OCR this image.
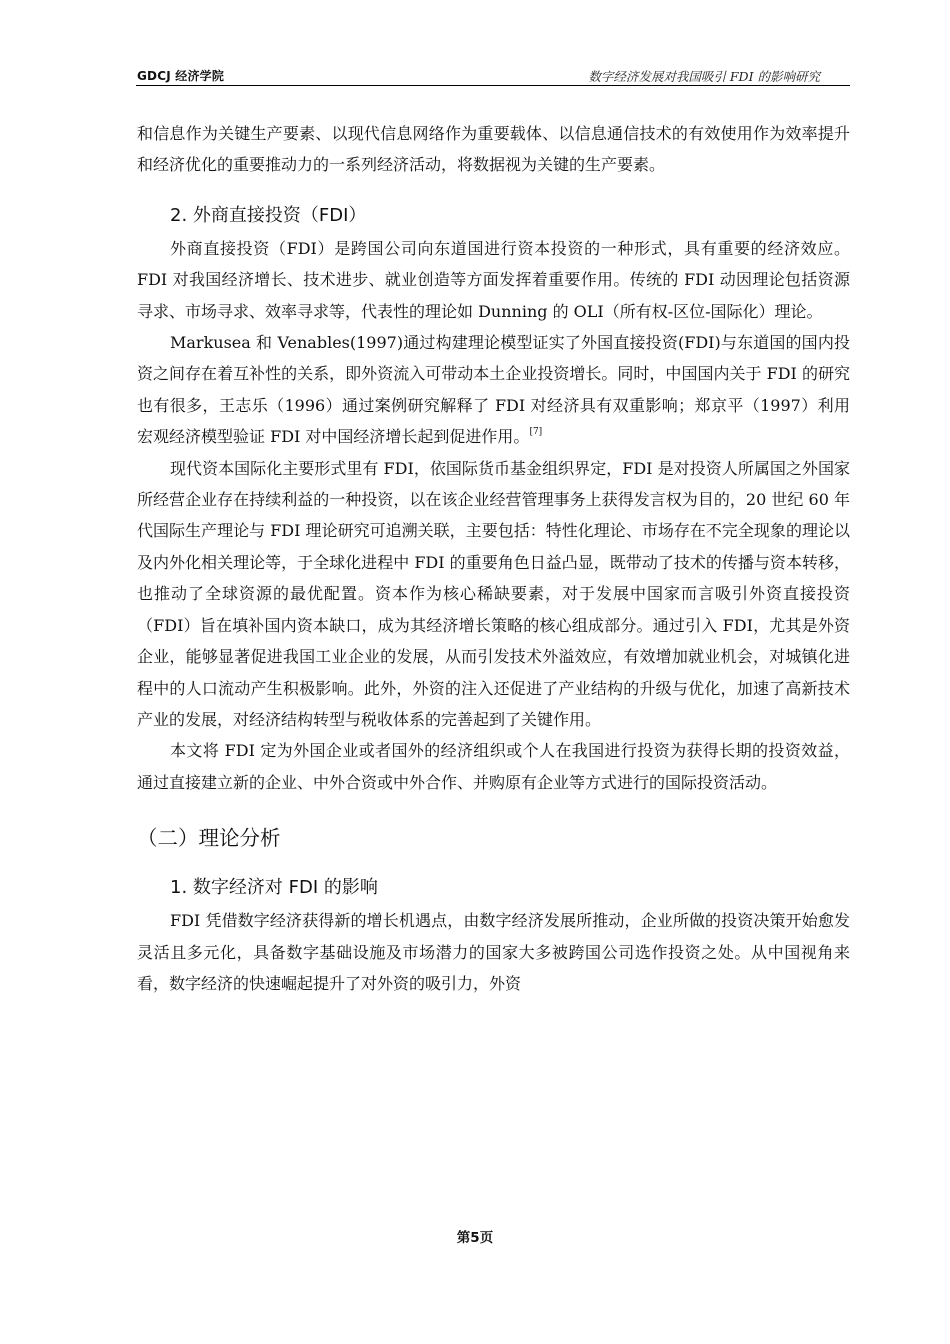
GDCJ 经济学院	数字经济发展对我国吸引 FDI 的影响研究

和信息作为关键生产要素、以现代信息网络作为重要载体、以信息通信技术的有效使用作为效率提升和经济优化的重要推动力的一系列经济活动，将数据视为关键的生产要素。

2. 外商直接投资（FDI）

外商直接投资（FDI）是跨国公司向东道国进行资本投资的一种形式，具有重要的经济效应。FDI 对我国经济增长、技术进步、就业创造等方面发挥着重要作用。传统的 FDI 动因理论包括资源寻求、市场寻求、效率寻求等，代表性的理论如 Dunning 的 OLI（所有权-区位-国际化）理论。

Markusea 和 Venables(1997)通过构建理论模型证实了外国直接投资(FDI)与东道国的国内投资之间存在着互补性的关系，即外资流入可带动本土企业投资增长。同时，中国国内关于 FDI 的研究也有很多，王志乐（1996）通过案例研究解释了 FDI 对经济具有双重影响；郑京平（1997）利用宏观经济模型验证 FDI 对中国经济增长起到促进作用。[7]

现代资本国际化主要形式里有 FDI，依国际货币基金组织界定，FDI 是对投资人所属国之外国家所经营企业存在持续利益的一种投资，以在该企业经营管理事务上获得发言权为目的，20 世纪 60 年代国际生产理论与 FDI 理论研究可追溯关联，主要包括：特性化理论、市场存在不完全现象的理论以及内外化相关理论等，于全球化进程中 FDI 的重要角色日益凸显，既带动了技术的传播与资本转移，也推动了全球资源的最优配置。资本作为核心稀缺要素，对于发展中国家而言吸引外资直接投资（FDI）旨在填补国内资本缺口，成为其经济增长策略的核心组成部分。通过引入 FDI，尤其是外资企业，能够显著促进我国工业企业的发展，从而引发技术外溢效应，有效增加就业机会，对城镇化进程中的人口流动产生积极影响。此外，外资的注入还促进了产业结构的升级与优化，加速了高新技术产业的发展，对经济结构转型与税收体系的完善起到了关键作用。

本文将 FDI 定为外国企业或者国外的经济组织或个人在我国进行投资为获得长期的投资效益，通过直接建立新的企业、中外合资或中外合作、并购原有企业等方式进行的国际投资活动。

（二）理论分析
1. 数字经济对 FDI 的影响

FDI 凭借数字经济获得新的增长机遇点，由数字经济发展所推动，企业所做的投资决策开始愈发灵活且多元化，具备数字基础设施及市场潜力的国家大多被跨国公司选作投资之处。从中国视角来看，数字经济的快速崛起提升了对外资的吸引力，外资

第5页
